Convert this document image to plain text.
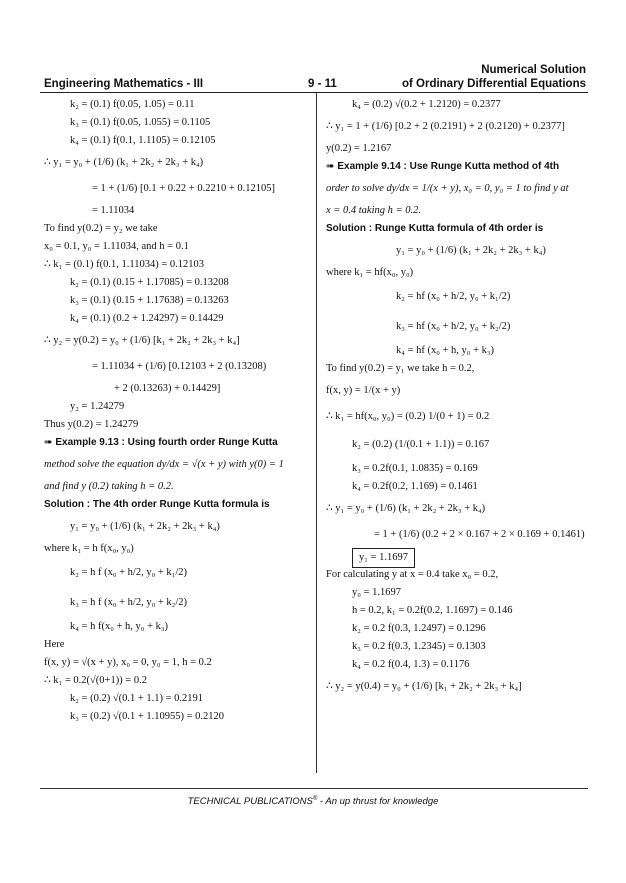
Engineering Mathematics - III	9 - 11
Numerical Solution
of Ordinary Differential Equations
k₂ = (0.1) f(0.05, 1.05) = 0.11
k₃ = (0.1) f(0.05, 1.055) = 0.1105
k₄ = (0.1) f(0.1, 1.1105) = 0.12105
∴ y₁ = y₀ + (1/6) (k₁ + 2k₂ + 2k₃ + k₄)
= 1 + (1/6) [0.1 + 0.22 + 0.2210 + 0.12105]
= 1.11034
To find y(0.2) = y₂ we take
x₀ = 0.1, y₀ = 1.11034, and h = 0.1
∴ k₁ = (0.1) f(0.1, 1.11034) = 0.12103
k₂ = (0.1) (0.15 + 1.17085) = 0.13208
k₃ = (0.1) (0.15 + 1.17638) = 0.13263
k₄ = (0.1) (0.2 + 1.24297) = 0.14429
∴ y₂ = y(0.2) = y₀ + (1/6) [k₁ + 2k₂ + 2k₃ + k₄]
= 1.11034 + (1/6) [0.12103 + 2 (0.13208)
+ 2 (0.13263) + 0.14429]
y₂ = 1.24279
Thus y(0.2) = 1.24279
➠ Example 9.13 : Using fourth order Runge Kutta
method solve the equation dy/dx = √(x + y) with y(0) = 1
and find y (0.2) taking h = 0.2.
Solution : The 4th order Runge Kutta formula is
y₁ = y₀ + (1/6) (k₁ + 2k₂ + 2k₃ + k₄)
where k₁ = h f(x₀, y₀)
k₂ = h f (x₀ + h/2, y₀ + k₁/2)
k₃ = h f (x₀ + h/2, y₀ + k₂/2)
k₄ = h f(x₀ + h, y₀ + k₃)
Here
f(x, y) = √(x + y), x₀ = 0, y₀ = 1, h = 0.2
∴ k₁ = 0.2(√(0+1)) = 0.2
k₂ = (0.2) √(0.1 + 1.1) = 0.2191
k₃ = (0.2) √(0.1 + 1.10955) = 0.2120
k₄ = (0.2) √(0.2 + 1.2120) = 0.2377
∴ y₁ = 1 + (1/6) [0.2 + 2 (0.2191) + 2 (0.2120) + 0.2377]
y(0.2) = 1.2167
➠ Example 9.14 : Use Runge Kutta method of 4th
order to solve dy/dx = 1/(x + y), x₀ = 0, y₀ = 1 to find y at
x = 0.4 taking h = 0.2.
Solution : Runge Kutta formula of 4th order is
y₁ = y₀ + (1/6) (k₁ + 2k₂ + 2k₃ + k₄)
where k₁ = hf(x₀, y₀)
k₂ = hf (x₀ + h/2, y₀ + k₁/2)
k₃ = hf (x₀ + h/2, y₀ + k₂/2)
k₄ = hf (x₀ + h, y₀ + k₃)
To find y(0.2) = y₁ we take h = 0.2,
f(x, y) = 1/(x + y)
∴ k₁ = hf(x₀, y₀) = (0.2) 1/(0 + 1) = 0.2
k₂ = (0.2) (1/(0.1 + 1.1)) = 0.167
k₃ = 0.2f(0.1, 1.0835) = 0.169
k₄ = 0.2f(0.2, 1.169) = 0.1461
∴ y₁ = y₀ + (1/6) (k₁ + 2k₂ + 2k₃ + k₄)
= 1 + (1/6) (0.2 + 2 × 0.167 + 2 × 0.169 + 0.1461)
y₁ = 1.1697
For calculating y at x = 0.4 take x₀ = 0.2,
y₀ = 1.1697
h = 0.2, k₁ = 0.2f(0.2, 1.1697) = 0.146
k₂ = 0.2 f(0.3, 1.2497) = 0.1296
k₃ = 0.2 f(0.3, 1.2345) = 0.1303
k₄ = 0.2 f(0.4, 1.3) = 0.1176
∴ y₂ = y(0.4) = y₀ + (1/6) [k₁ + 2k₂ + 2k₃ + k₄]
TECHNICAL PUBLICATIONS® - An up thrust for knowledge
